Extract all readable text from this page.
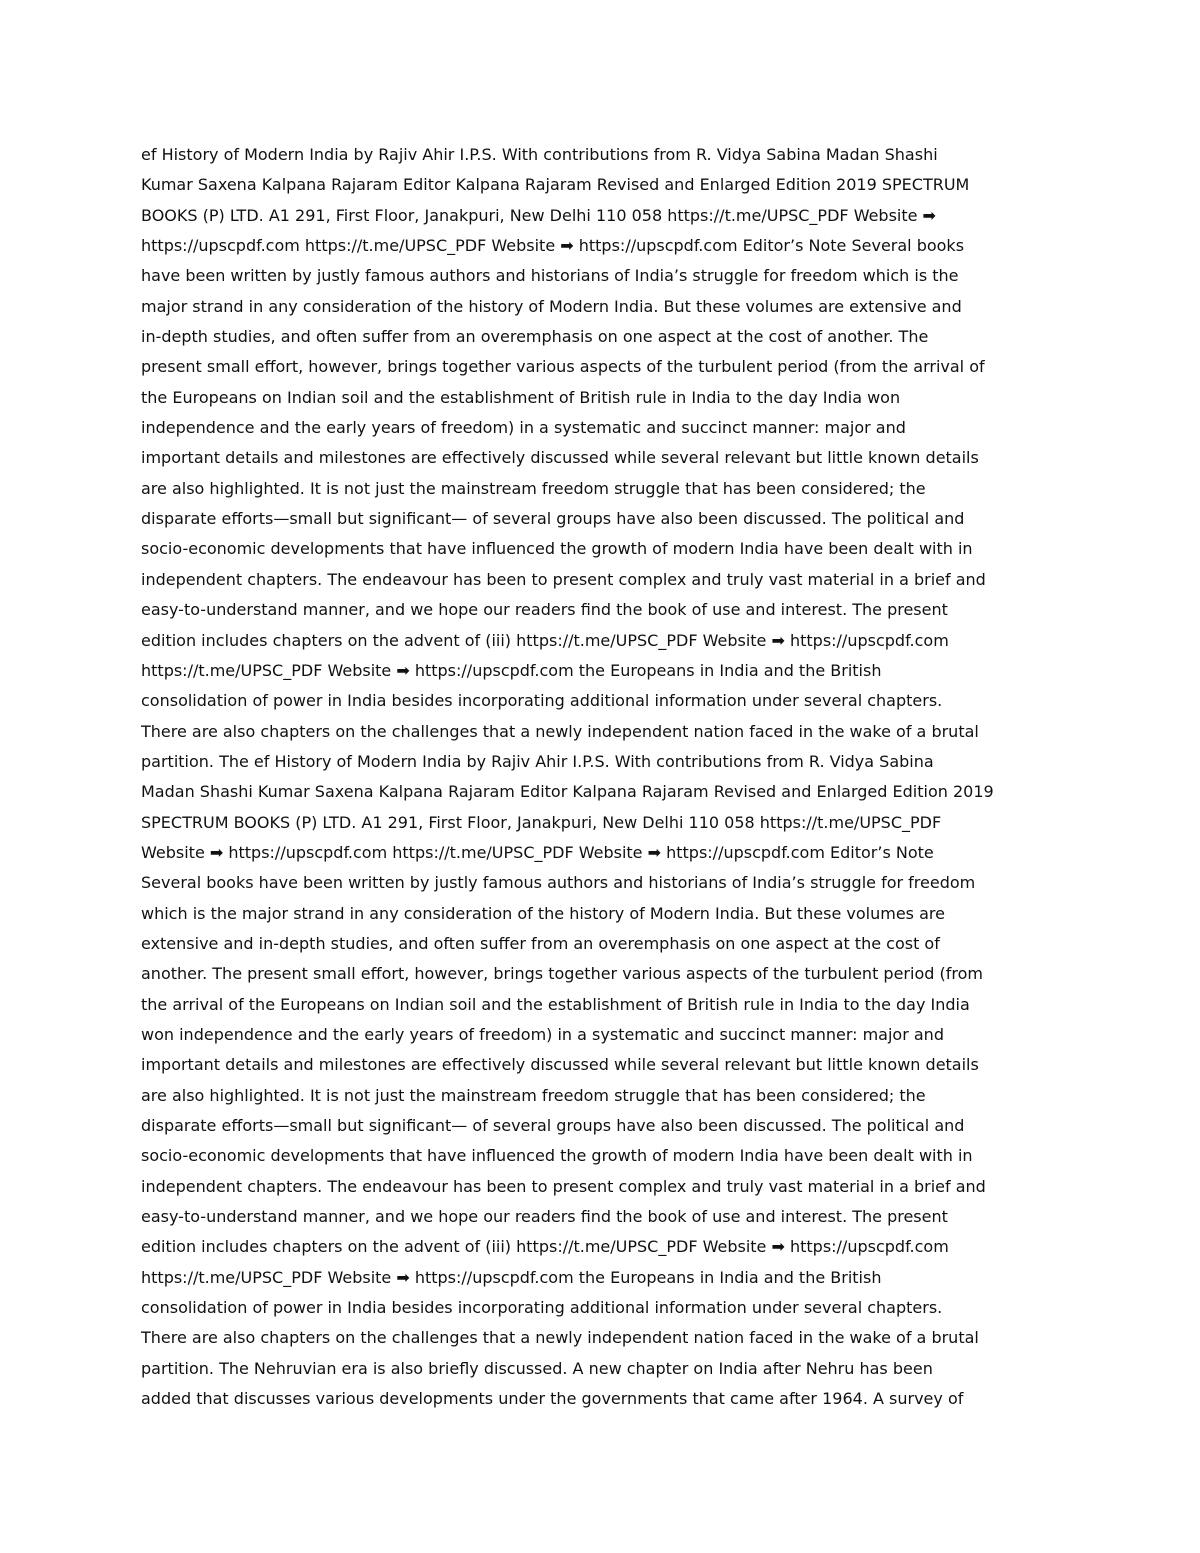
ef History of Modern India by Rajiv Ahir I.P.S. With contributions from R. Vidya Sabina Madan Shashi
Kumar Saxena Kalpana Rajaram Editor Kalpana Rajaram Revised and Enlarged Edition 2019 SPECTRUM
BOOKS (P) LTD. A1 291, First Floor, Janakpuri, New Delhi 110 058 https://t.me/UPSC_PDF Website ➡
https://upscpdf.com https://t.me/UPSC_PDF Website ➡ https://upscpdf.com Editor’s Note Several books
have been written by justly famous authors and historians of India’s struggle for freedom which is the
major strand in any consideration of the history of Modern India. But these volumes are extensive and
in-depth studies, and often suffer from an overemphasis on one aspect at the cost of another. The
present small effort, however, brings together various aspects of the turbulent period (from the arrival of
the Europeans on Indian soil and the establishment of British rule in India to the day India won
independence and the early years of freedom) in a systematic and succinct manner: major and
important details and milestones are effectively discussed while several relevant but little known details
are also highlighted. It is not just the mainstream freedom struggle that has been considered; the
disparate efforts—small but significant— of several groups have also been discussed. The political and
socio-economic developments that have influenced the growth of modern India have been dealt with in
independent chapters. The endeavour has been to present complex and truly vast material in a brief and
easy-to-understand manner, and we hope our readers find the book of use and interest. The present
edition includes chapters on the advent of (iii) https://t.me/UPSC_PDF Website ➡ https://upscpdf.com
https://t.me/UPSC_PDF Website ➡ https://upscpdf.com the Europeans in India and the British
consolidation of power in India besides incorporating additional information under several chapters.
There are also chapters on the challenges that a newly independent nation faced in the wake of a brutal
partition. The ef History of Modern India by Rajiv Ahir I.P.S. With contributions from R. Vidya Sabina
Madan Shashi Kumar Saxena Kalpana Rajaram Editor Kalpana Rajaram Revised and Enlarged Edition 2019
SPECTRUM BOOKS (P) LTD. A1 291, First Floor, Janakpuri, New Delhi 110 058 https://t.me/UPSC_PDF
Website ➡ https://upscpdf.com https://t.me/UPSC_PDF Website ➡ https://upscpdf.com Editor’s Note
Several books have been written by justly famous authors and historians of India’s struggle for freedom
which is the major strand in any consideration of the history of Modern India. But these volumes are
extensive and in-depth studies, and often suffer from an overemphasis on one aspect at the cost of
another. The present small effort, however, brings together various aspects of the turbulent period (from
the arrival of the Europeans on Indian soil and the establishment of British rule in India to the day India
won independence and the early years of freedom) in a systematic and succinct manner: major and
important details and milestones are effectively discussed while several relevant but little known details
are also highlighted. It is not just the mainstream freedom struggle that has been considered; the
disparate efforts—small but significant— of several groups have also been discussed. The political and
socio-economic developments that have influenced the growth of modern India have been dealt with in
independent chapters. The endeavour has been to present complex and truly vast material in a brief and
easy-to-understand manner, and we hope our readers find the book of use and interest. The present
edition includes chapters on the advent of (iii) https://t.me/UPSC_PDF Website ➡ https://upscpdf.com
https://t.me/UPSC_PDF Website ➡ https://upscpdf.com the Europeans in India and the British
consolidation of power in India besides incorporating additional information under several chapters.
There are also chapters on the challenges that a newly independent nation faced in the wake of a brutal
partition. The Nehruvian era is also briefly discussed. A new chapter on India after Nehru has been
added that discusses various developments under the governments that came after 1964. A survey of
